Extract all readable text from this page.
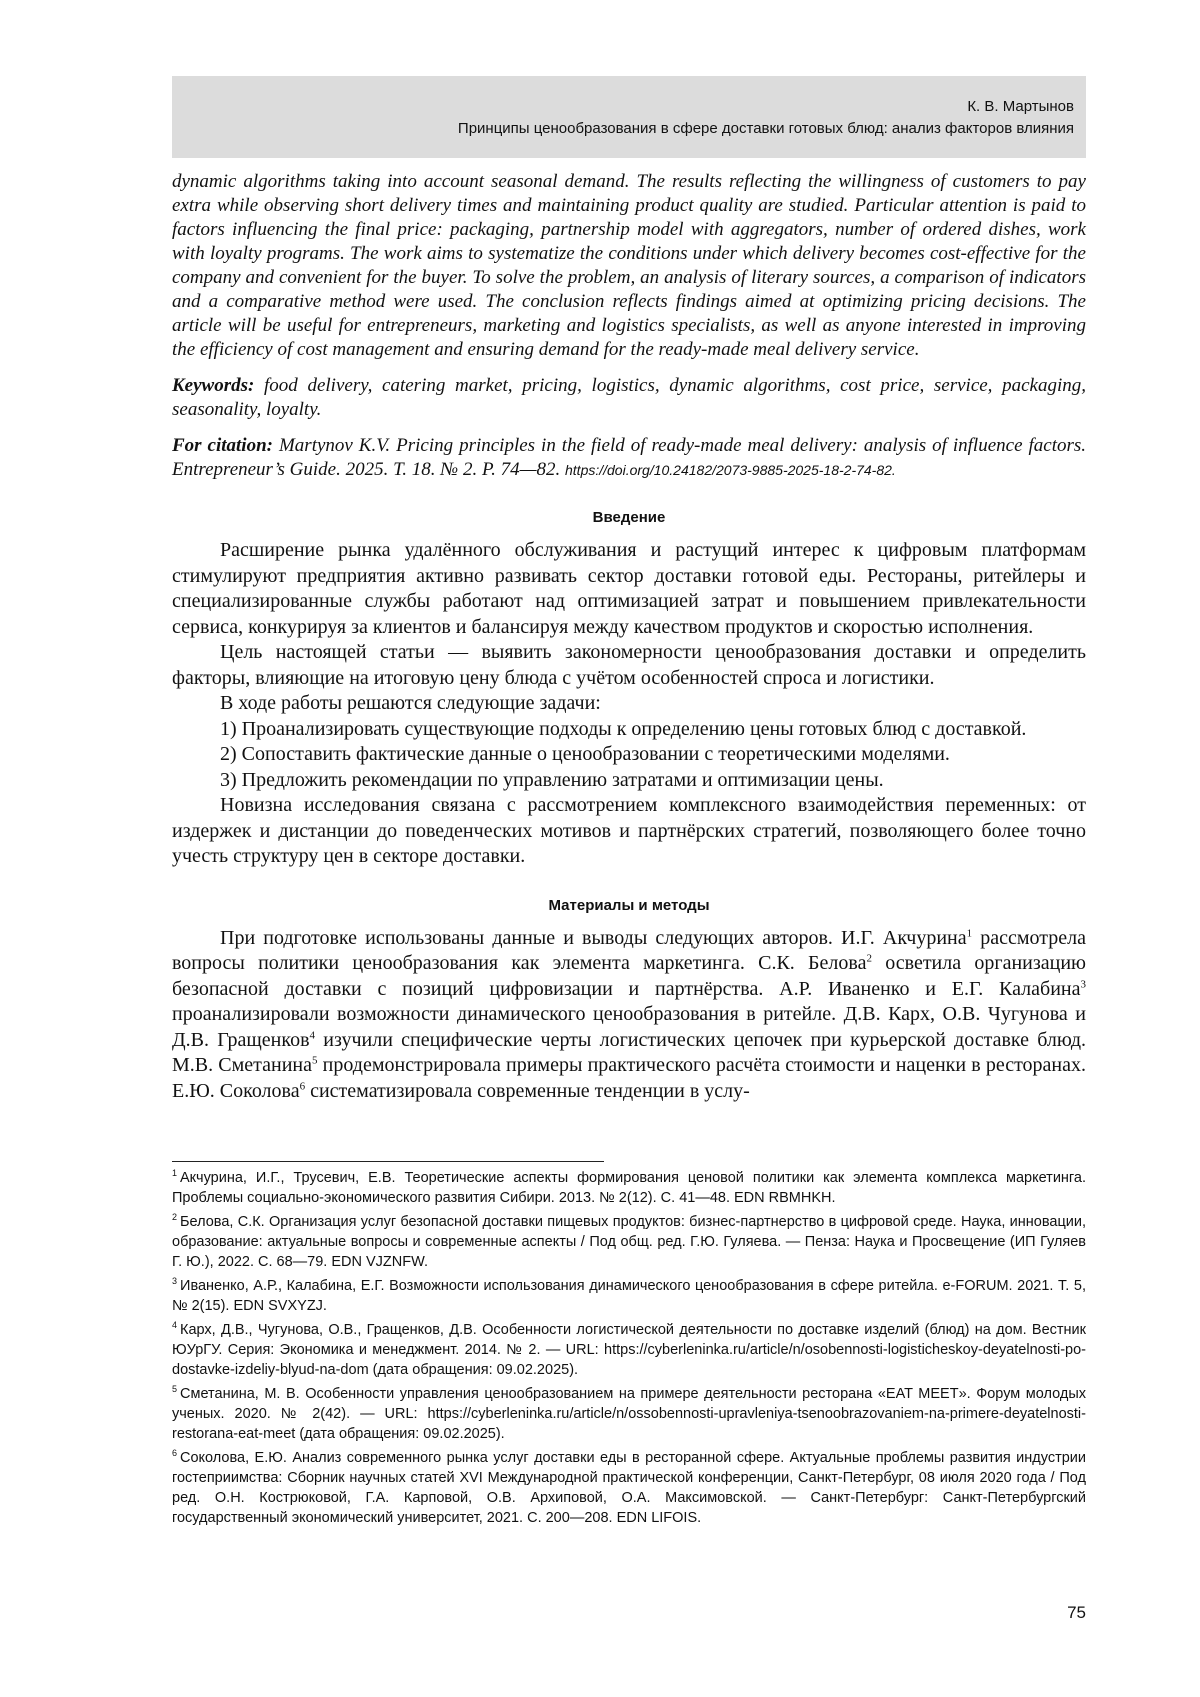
К. В. Мартынов
Принципы ценообразования в сфере доставки готовых блюд: анализ факторов влияния

dynamic algorithms taking into account seasonal demand. The results reflecting the willingness of customers to pay extra while observing short delivery times and maintaining product quality are studied. Particular attention is paid to factors influencing the final price: packaging, partnership model with aggregators, number of ordered dishes, work with loyalty programs. The work aims to systematize the conditions under which delivery becomes cost-effective for the company and convenient for the buyer. To solve the problem, an analysis of literary sources, a comparison of indicators and a comparative method were used. The conclusion reflects findings aimed at optimizing pricing decisions. The article will be useful for entrepreneurs, marketing and logistics specialists, as well as anyone interested in improving the efficiency of cost management and ensuring demand for the ready-made meal delivery service.

Keywords: food delivery, catering market, pricing, logistics, dynamic algorithms, cost price, service, packaging, seasonality, loyalty.

For citation: Martynov K.V. Pricing principles in the field of ready-made meal delivery: analysis of influence factors. Entrepreneur’s Guide. 2025. T. 18. № 2. P. 74—82. https://doi.org/10.24182/2073-9885-2025-18-2-74-82.

Введение

Расширение рынка удалённого обслуживания и растущий интерес к цифровым платформам стимулируют предприятия активно развивать сектор доставки готовой еды. Рестораны, ритейлеры и специализированные службы работают над оптимизацией затрат и повышением привлекательности сервиса, конкурируя за клиентов и балансируя между качеством продуктов и скоростью исполнения.

Цель настоящей статьи — выявить закономерности ценообразования доставки и определить факторы, влияющие на итоговую цену блюда с учётом особенностей спроса и логистики.

В ходе работы решаются следующие задачи:

1) Проанализировать существующие подходы к определению цены готовых блюд с доставкой.

2) Сопоставить фактические данные о ценообразовании с теоретическими моделями.

3) Предложить рекомендации по управлению затратами и оптимизации цены.

Новизна исследования связана с рассмотрением комплексного взаимодействия переменных: от издержек и дистанции до поведенческих мотивов и партнёрских стратегий, позволяющего более точно учесть структуру цен в секторе доставки.

Материалы и методы

При подготовке использованы данные и выводы следующих авторов. И.Г. Акчурина$^1$ рассмотрела вопросы политики ценообразования как элемента маркетинга. С.К. Белова$^2$ осветила организацию безопасной доставки с позиций цифровизации и партнёрства. А.Р. Иваненко и Е.Г. Калабина$^3$ проанализировали возможности динамического ценообразования в ритейле. Д.В. Карх, О.В. Чугунова и Д.В. Гращенков$^4$ изучили специфические черты логистических цепочек при курьерской доставке блюд. М.В. Сметанина$^5$ продемонстрировала примеры практического расчёта стоимости и наценки в ресторанах. Е.Ю. Соколова$^6$ систематизировала современные тенденции в услу-

$^1$ Акчурина, И.Г., Трусевич, Е.В. Теоретические аспекты формирования ценовой политики как элемента комплекса маркетинга. Проблемы социально-экономического развития Сибири. 2013. № 2(12). С. 41—48. EDN RBMHKH.

$^2$ Белова, С.К. Организация услуг безопасной доставки пищевых продуктов: бизнес-партнерство в цифровой среде. Наука, инновации, образование: актуальные вопросы и современные аспекты / Под общ. ред. Г.Ю. Гуляева. — Пенза: Наука и Просвещение (ИП Гуляев Г. Ю.), 2022. С. 68—79. EDN VJZNFW.

$^3$ Иваненко, А.Р., Калабина, Е.Г. Возможности использования динамического ценообразования в сфере ритейла. e-FORUM. 2021. Т. 5, № 2(15). EDN SVXYZJ.

$^4$ Карх, Д.В., Чугунова, О.В., Гращенков, Д.В. Особенности логистической деятельности по доставке изделий (блюд) на дом. Вестник ЮУрГУ. Серия: Экономика и менеджмент. 2014. № 2. — URL: https://cyberleninka.ru/article/n/osobennosti-logisticheskoy-deyatelnosti-po-dostavke-izdeliy-blyud-na-dom (дата обращения: 09.02.2025).

$^5$ Сметанина, М. В. Особенности управления ценообразованием на примере деятельности ресторана «EAT MEET». Форум молодых ученых. 2020. № 2(42). — URL: https://cyberleninka.ru/article/n/ossobennosti-upravleniya-tsenoobrazovaniem-na-primere-deyatelnosti-restorana-eat-meet (дата обращения: 09.02.2025).

$^6$ Соколова, Е.Ю. Анализ современного рынка услуг доставки еды в ресторанной сфере. Актуальные проблемы развития индустрии гостеприимства: Сборник научных статей XVI Международной практической конференции, Санкт-Петербург, 08 июля 2020 года / Под ред. О.Н. Кострюковой, Г.А. Карповой, О.В. Архиповой, О.А. Максимовской. — Санкт-Петербург: Санкт-Петербургский государственный экономический университет, 2021. С. 200—208. EDN LIFOIS.

75
